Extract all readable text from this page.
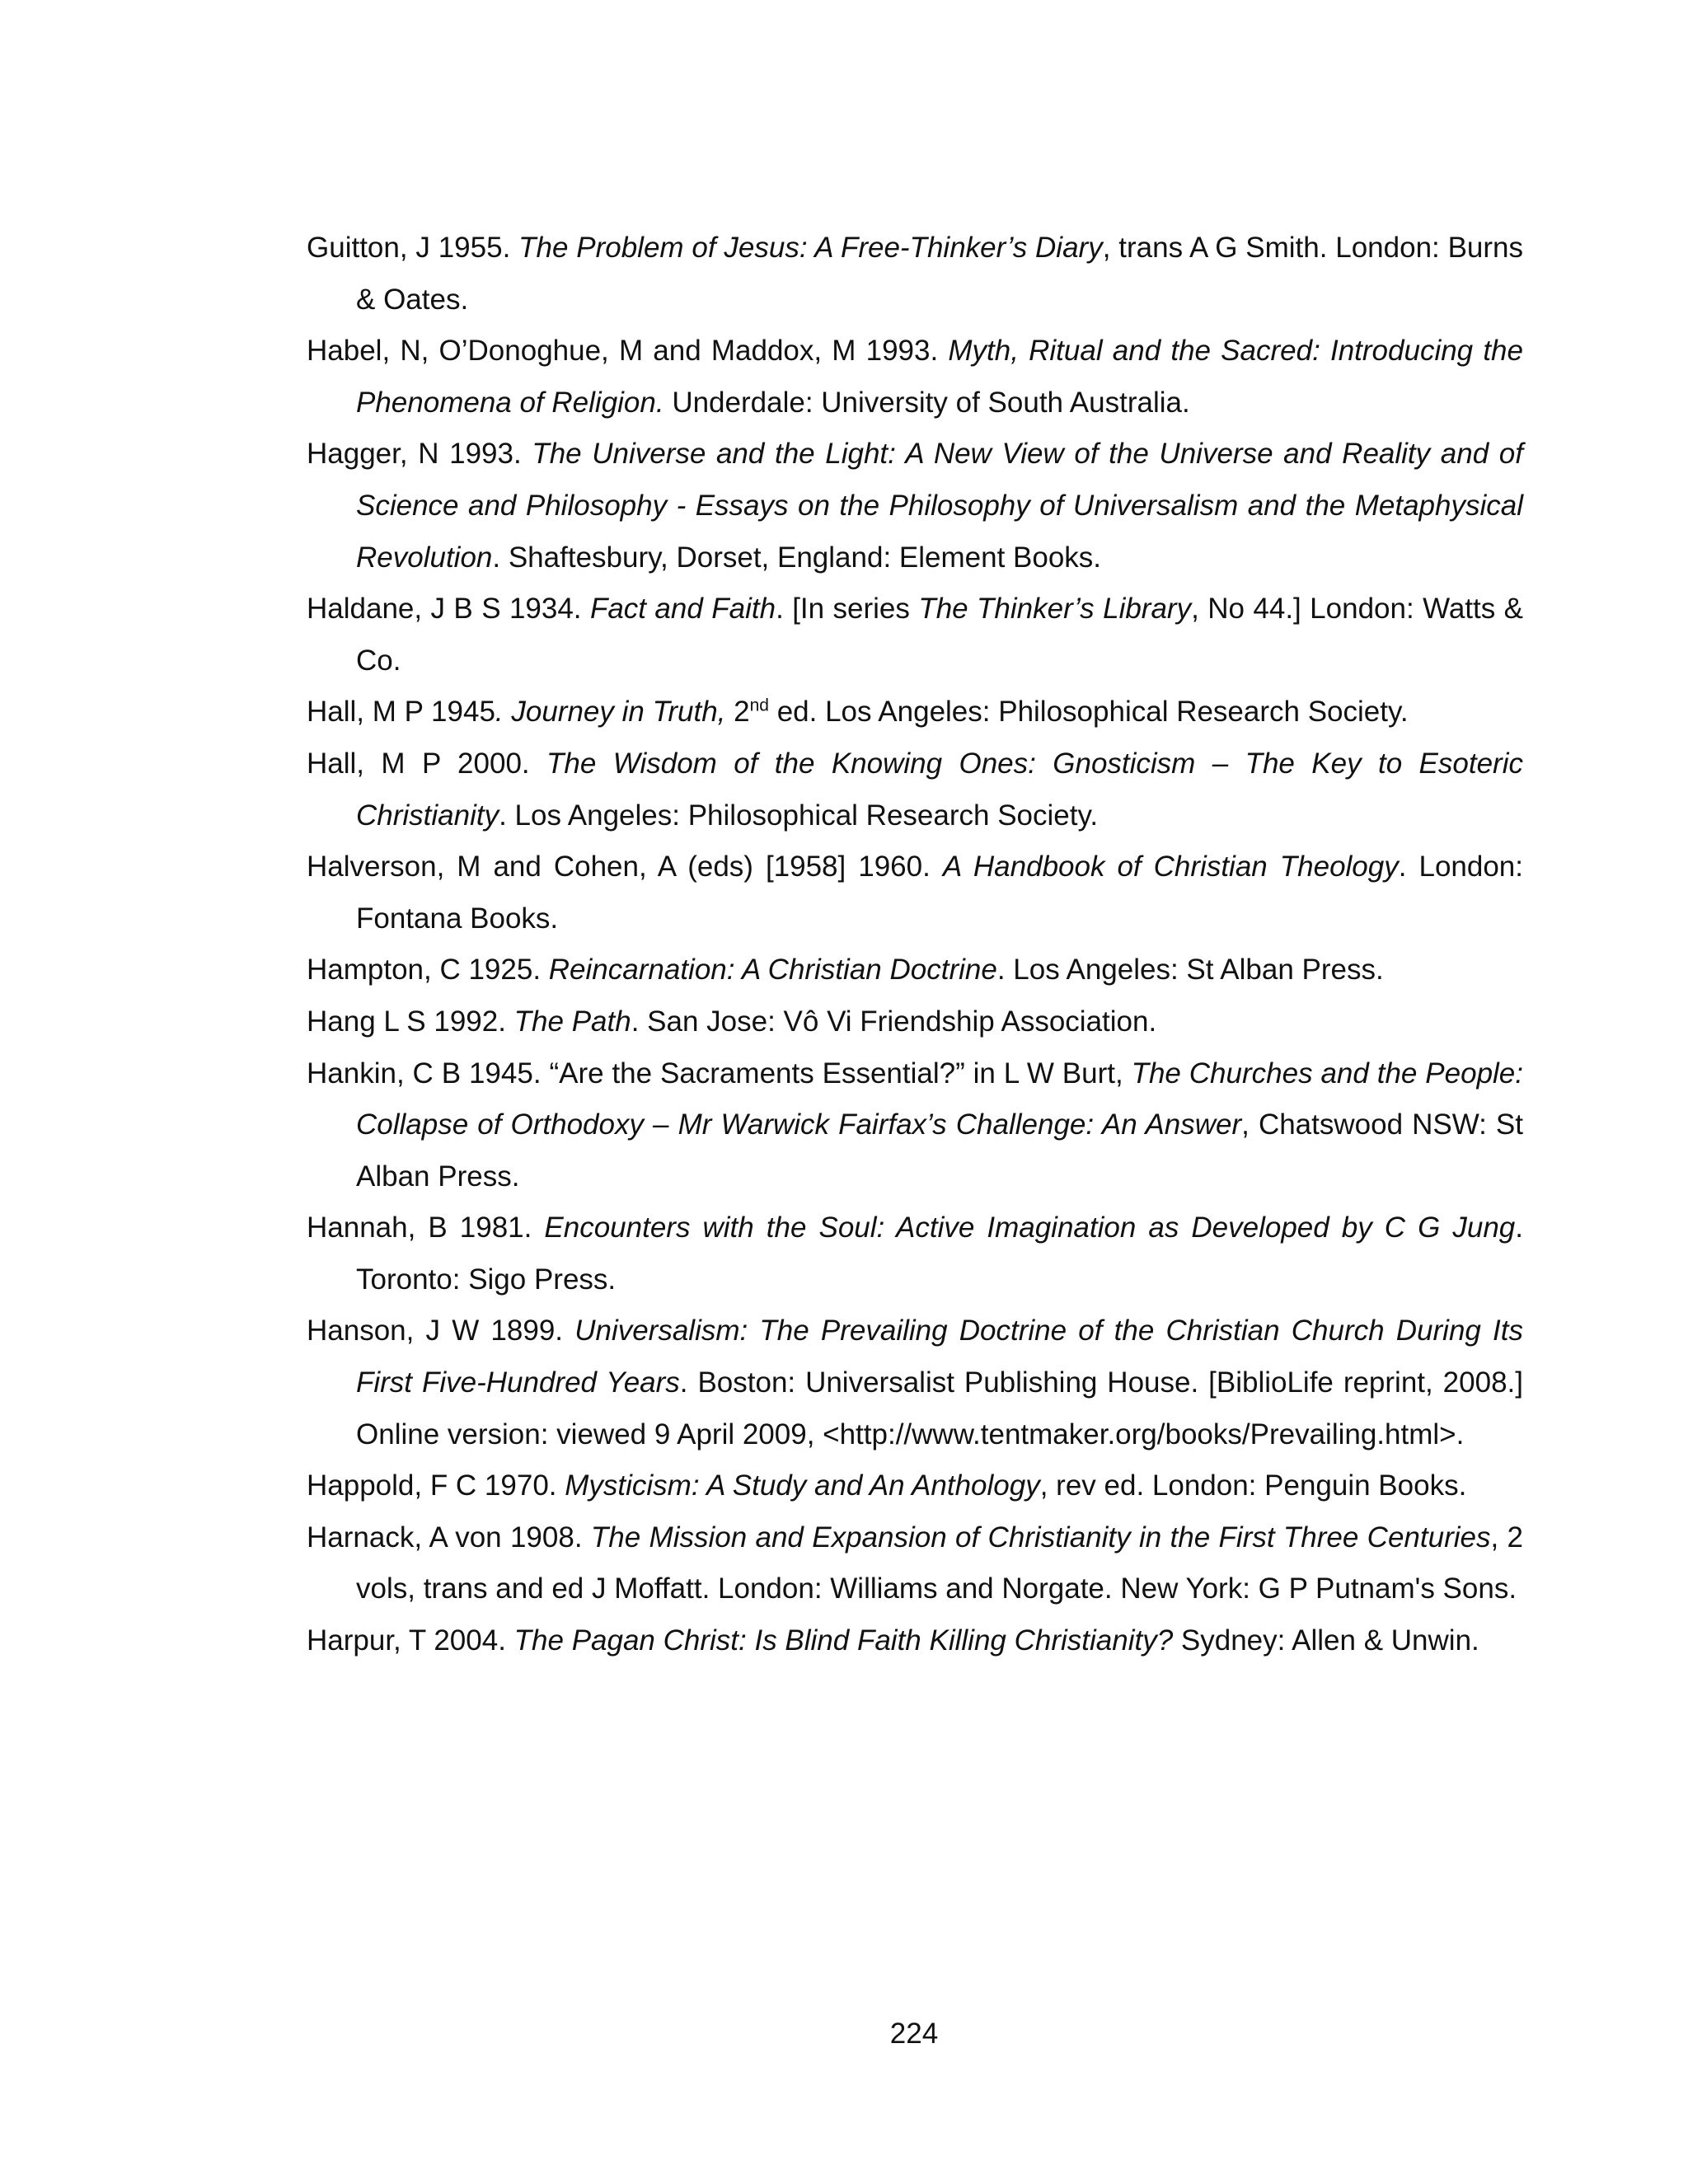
Guitton, J 1955. The Problem of Jesus: A Free-Thinker’s Diary, trans A G Smith. London: Burns & Oates.

Habel, N, O’Donoghue, M and Maddox, M 1993. Myth, Ritual and the Sacred: Introducing the Phenomena of Religion. Underdale: University of South Australia.

Hagger, N 1993. The Universe and the Light: A New View of the Universe and Reality and of Science and Philosophy - Essays on the Philosophy of Universalism and the Metaphysical Revolution. Shaftesbury, Dorset, England: Element Books.

Haldane, J B S 1934. Fact and Faith. [In series The Thinker’s Library, No 44.] London: Watts & Co.

Hall, M P 1945. Journey in Truth, 2nd ed. Los Angeles: Philosophical Research Society.

Hall, M P 2000. The Wisdom of the Knowing Ones: Gnosticism – The Key to Esoteric Christianity. Los Angeles: Philosophical Research Society.

Halverson, M and Cohen, A (eds) [1958] 1960. A Handbook of Christian Theology. London: Fontana Books.

Hampton, C 1925. Reincarnation: A Christian Doctrine. Los Angeles: St Alban Press.

Hang L S 1992. The Path. San Jose: Vô Vi Friendship Association.

Hankin, C B 1945. “Are the Sacraments Essential?” in L W Burt, The Churches and the People: Collapse of Orthodoxy – Mr Warwick Fairfax’s Challenge: An Answer, Chatswood NSW: St Alban Press.

Hannah, B 1981. Encounters with the Soul: Active Imagination as Developed by C G Jung. Toronto: Sigo Press.

Hanson, J W 1899. Universalism: The Prevailing Doctrine of the Christian Church During Its First Five-Hundred Years. Boston: Universalist Publishing House. [BiblioLife reprint, 2008.] Online version: viewed 9 April 2009, <http://www.tentmaker.org/books/Prevailing.html>.

Happold, F C 1970. Mysticism: A Study and An Anthology, rev ed. London: Penguin Books.

Harnack, A von 1908. The Mission and Expansion of Christianity in the First Three Centuries, 2 vols, trans and ed J Moffatt. London: Williams and Norgate. New York: G P Putnam's Sons.

Harpur, T 2004. The Pagan Christ: Is Blind Faith Killing Christianity? Sydney: Allen & Unwin.

224
